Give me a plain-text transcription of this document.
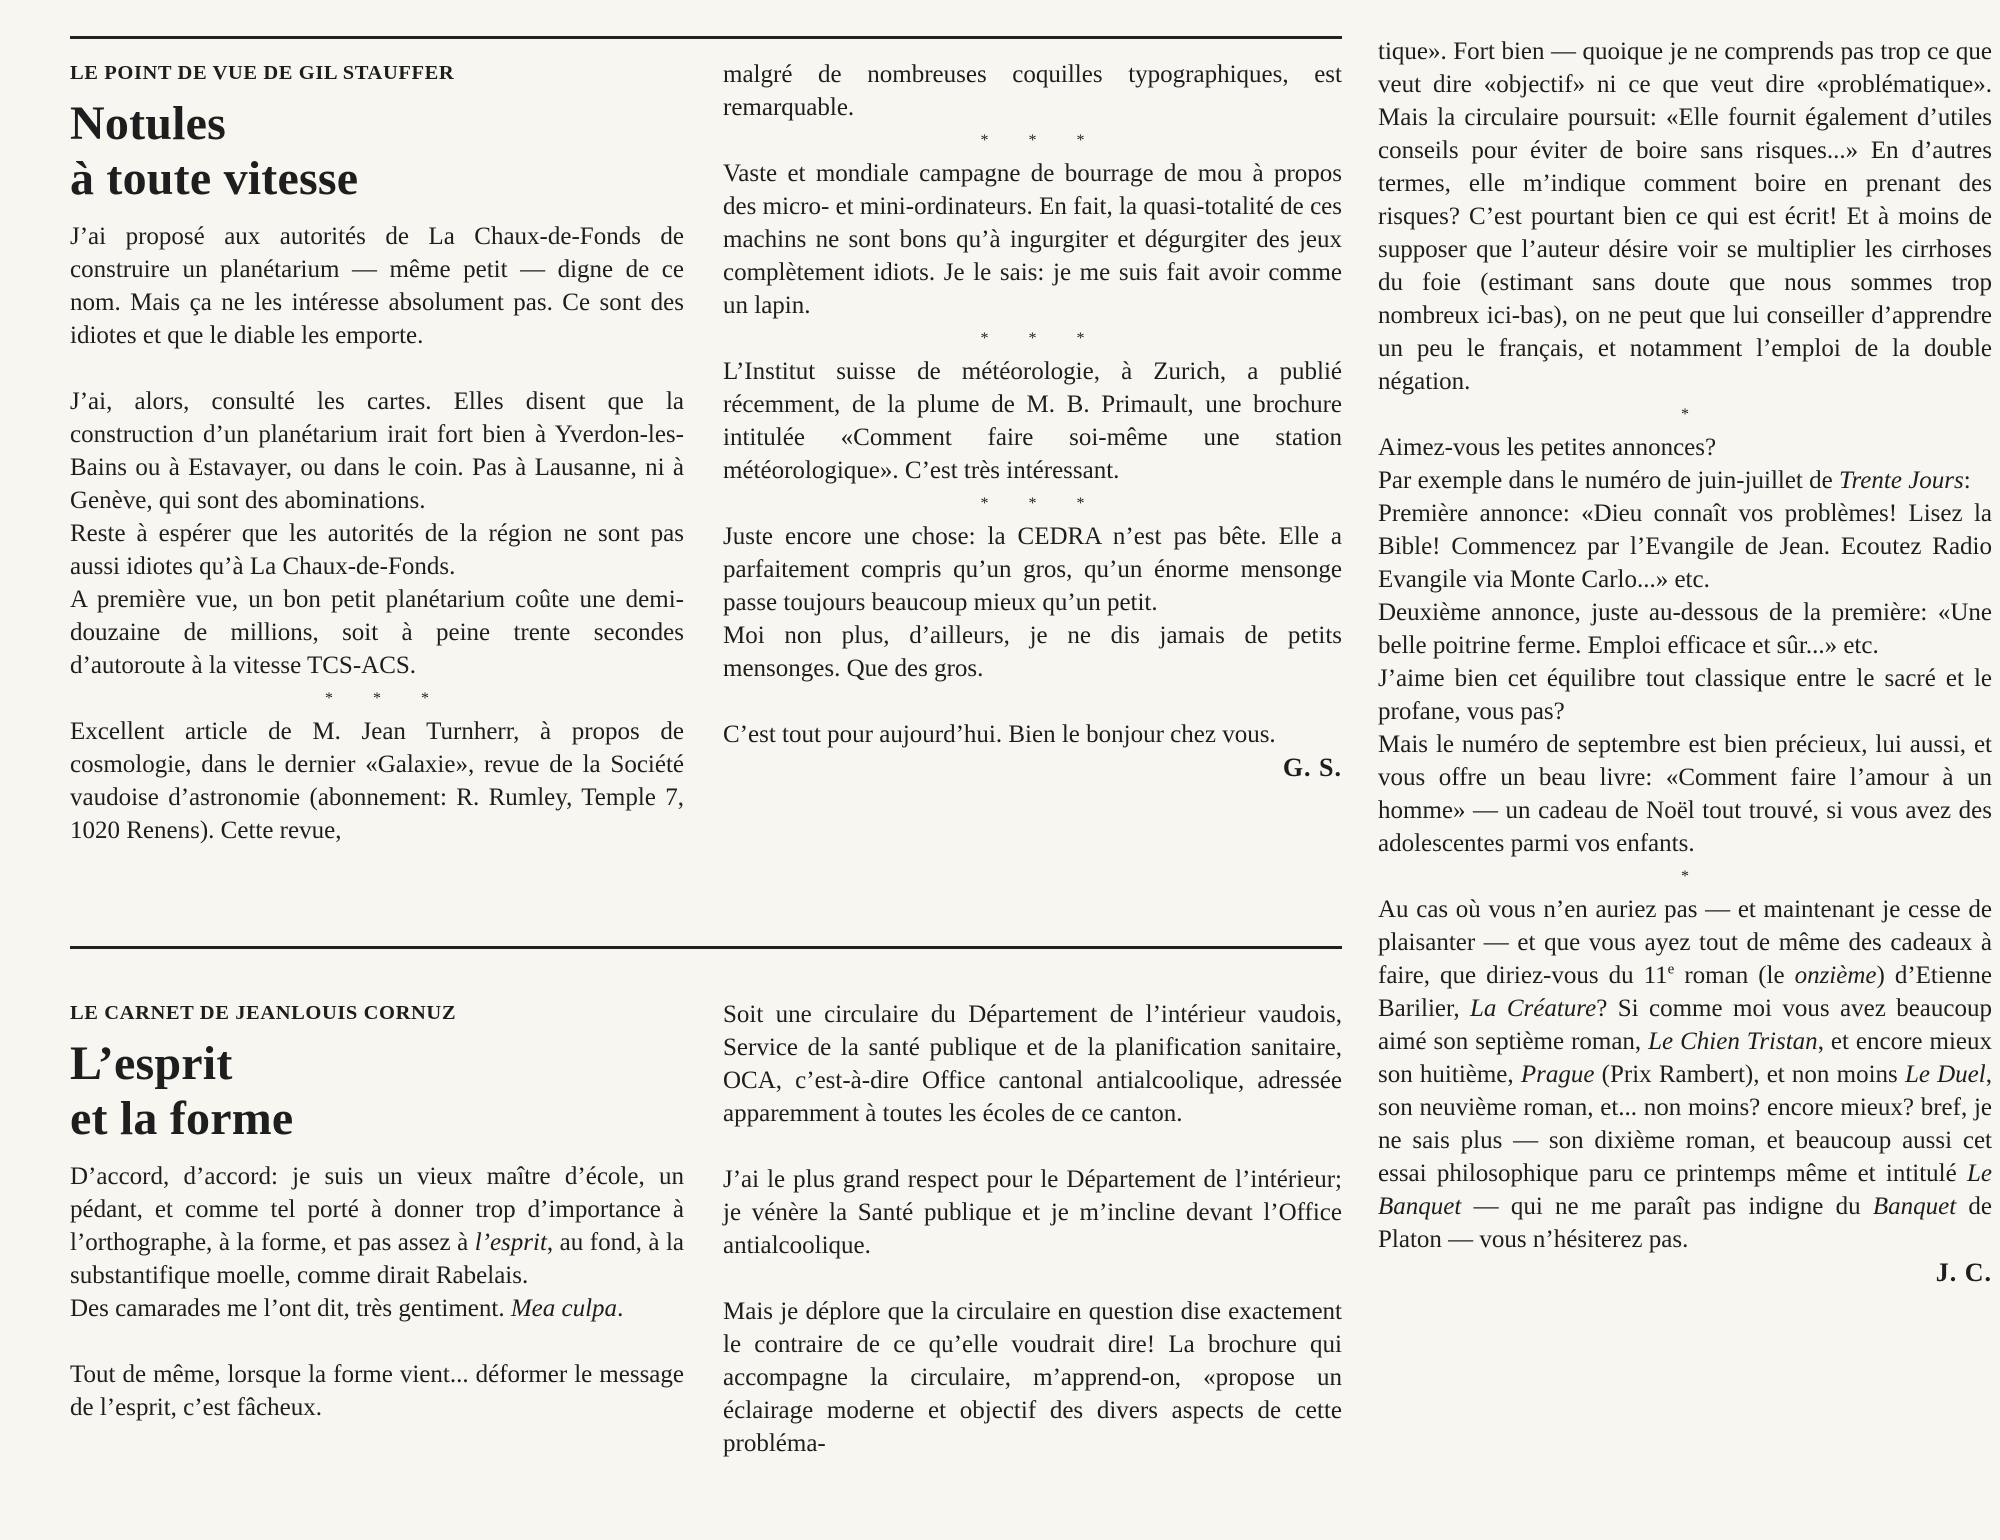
LE POINT DE VUE DE GIL STAUFFER

Notules

à toute vitesse

J’ai proposé aux autorités de La Chaux-de-Fonds de construire un planétarium — même petit — digne de ce nom. Mais ça ne les intéresse absolument pas. Ce sont des idiotes et que le diable les emporte.

J’ai, alors, consulté les cartes. Elles disent que la construction d’un planétarium irait fort bien à Yverdon-les-Bains ou à Estavayer, ou dans le coin. Pas à Lausanne, ni à Genève, qui sont des abominations.

Reste à espérer que les autorités de la région ne sont pas aussi idiotes qu’à La Chaux-de-Fonds.

A première vue, un bon petit planétarium coûte une demi-douzaine de millions, soit à peine trente secondes d’autoroute à la vitesse TCS-ACS.

* * *

Excellent article de M. Jean Turnherr, à propos de cosmologie, dans le dernier «Galaxie», revue de la Société vaudoise d’astronomie (abonnement: R. Rumley, Temple 7, 1020 Renens). Cette revue,

malgré de nombreuses coquilles typographiques, est remarquable.

* * *

Vaste et mondiale campagne de bourrage de mou à propos des micro- et mini-ordinateurs. En fait, la quasi-totalité de ces machins ne sont bons qu’à ingurgiter et dégurgiter des jeux complètement idiots. Je le sais: je me suis fait avoir comme un lapin.

* * *

L’Institut suisse de météorologie, à Zurich, a publié récemment, de la plume de M. B. Primault, une brochure intitulée «Comment faire soi-même une station météorologique». C’est très intéressant.

* * *

Juste encore une chose: la CEDRA n’est pas bête. Elle a parfaitement compris qu’un gros, qu’un énorme mensonge passe toujours beaucoup mieux qu’un petit.

Moi non plus, d’ailleurs, je ne dis jamais de petits mensonges. Que des gros.

C’est tout pour aujourd’hui. Bien le bonjour chez vous.

G. S.

LE CARNET DE JEANLOUIS CORNUZ

L’esprit

et la forme

D’accord, d’accord: je suis un vieux maître d’école, un pédant, et comme tel porté à donner trop d’importance à l’orthographe, à la forme, et pas assez à l’esprit, au fond, à la substantifique moelle, comme dirait Rabelais.

Des camarades me l’ont dit, très gentiment. Mea culpa.

Tout de même, lorsque la forme vient... déformer le message de l’esprit, c’est fâcheux.

Soit une circulaire du Département de l’intérieur vaudois, Service de la santé publique et de la planification sanitaire, OCA, c’est-à-dire Office cantonal antialcoolique, adressée apparemment à toutes les écoles de ce canton.

J’ai le plus grand respect pour le Département de l’intérieur; je vénère la Santé publique et je m’incline devant l’Office antialcoolique.

Mais je déplore que la circulaire en question dise exactement le contraire de ce qu’elle voudrait dire! La brochure qui accompagne la circulaire, m’apprend-on, «propose un éclairage moderne et objectif des divers aspects de cette probléma-

tique». Fort bien — quoique je ne comprends pas trop ce que veut dire «objectif» ni ce que veut dire «problématique». Mais la circulaire poursuit: «Elle fournit également d’utiles conseils pour éviter de boire sans risques...» En d’autres termes, elle m’indique comment boire en prenant des risques? C’est pourtant bien ce qui est écrit! Et à moins de supposer que l’auteur désire voir se multiplier les cirrhoses du foie (estimant sans doute que nous sommes trop nombreux ici-bas), on ne peut que lui conseiller d’apprendre un peu le français, et notamment l’emploi de la double négation.

*

Aimez-vous les petites annonces?

Par exemple dans le numéro de juin-juillet de Trente Jours:

Première annonce: «Dieu connaît vos problèmes! Lisez la Bible! Commencez par l’Evangile de Jean. Ecoutez Radio Evangile via Monte Carlo...» etc.

Deuxième annonce, juste au-dessous de la première: «Une belle poitrine ferme. Emploi efficace et sûr...» etc.

J’aime bien cet équilibre tout classique entre le sacré et le profane, vous pas?

Mais le numéro de septembre est bien précieux, lui aussi, et vous offre un beau livre: «Comment faire l’amour à un homme» — un cadeau de Noël tout trouvé, si vous avez des adolescentes parmi vos enfants.

*

Au cas où vous n’en auriez pas — et maintenant je cesse de plaisanter — et que vous ayez tout de même des cadeaux à faire, que diriez-vous du 11e roman (le onzième) d’Etienne Barilier, La Créature? Si comme moi vous avez beaucoup aimé son septième roman, Le Chien Tristan, et encore mieux son huitième, Prague (Prix Rambert), et non moins Le Duel, son neuvième roman, et... non moins? encore mieux? bref, je ne sais plus — son dixième roman, et beaucoup aussi cet essai philosophique paru ce printemps même et intitulé Le Banquet — qui ne me paraît pas indigne du Banquet de Platon — vous n’hésiterez pas.

J. C.
